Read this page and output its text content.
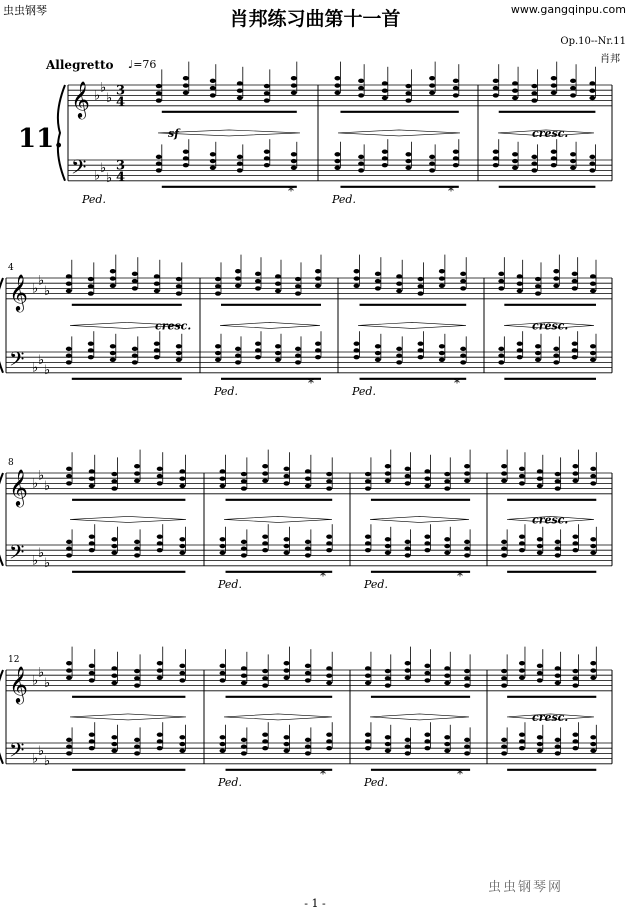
虫虫钢琴	www.gangqinpu.com
肖邦练习曲第十一首
Op.10--Nr.11
肖邦
Allegretto ♩=76
11.
𝄞
𝄢
♭
♭
♭
♭
♭
♭
3
4
3
4
sf	cresc.
Ped.
*
Ped.
*
𝄞
𝄢
♭
♭
♭
♭
♭
♭
4
cresc.	cresc.
Ped.
*
Ped.
*
𝄞
𝄢
♭
♭
♭
♭
♭
♭
8
cresc.
Ped.
*
Ped.
*
𝄞
𝄢
♭
♭
♭
♭
♭
♭
12
cresc.
Ped.
*
Ped.
*
虫虫钢琴网
- 1 -
